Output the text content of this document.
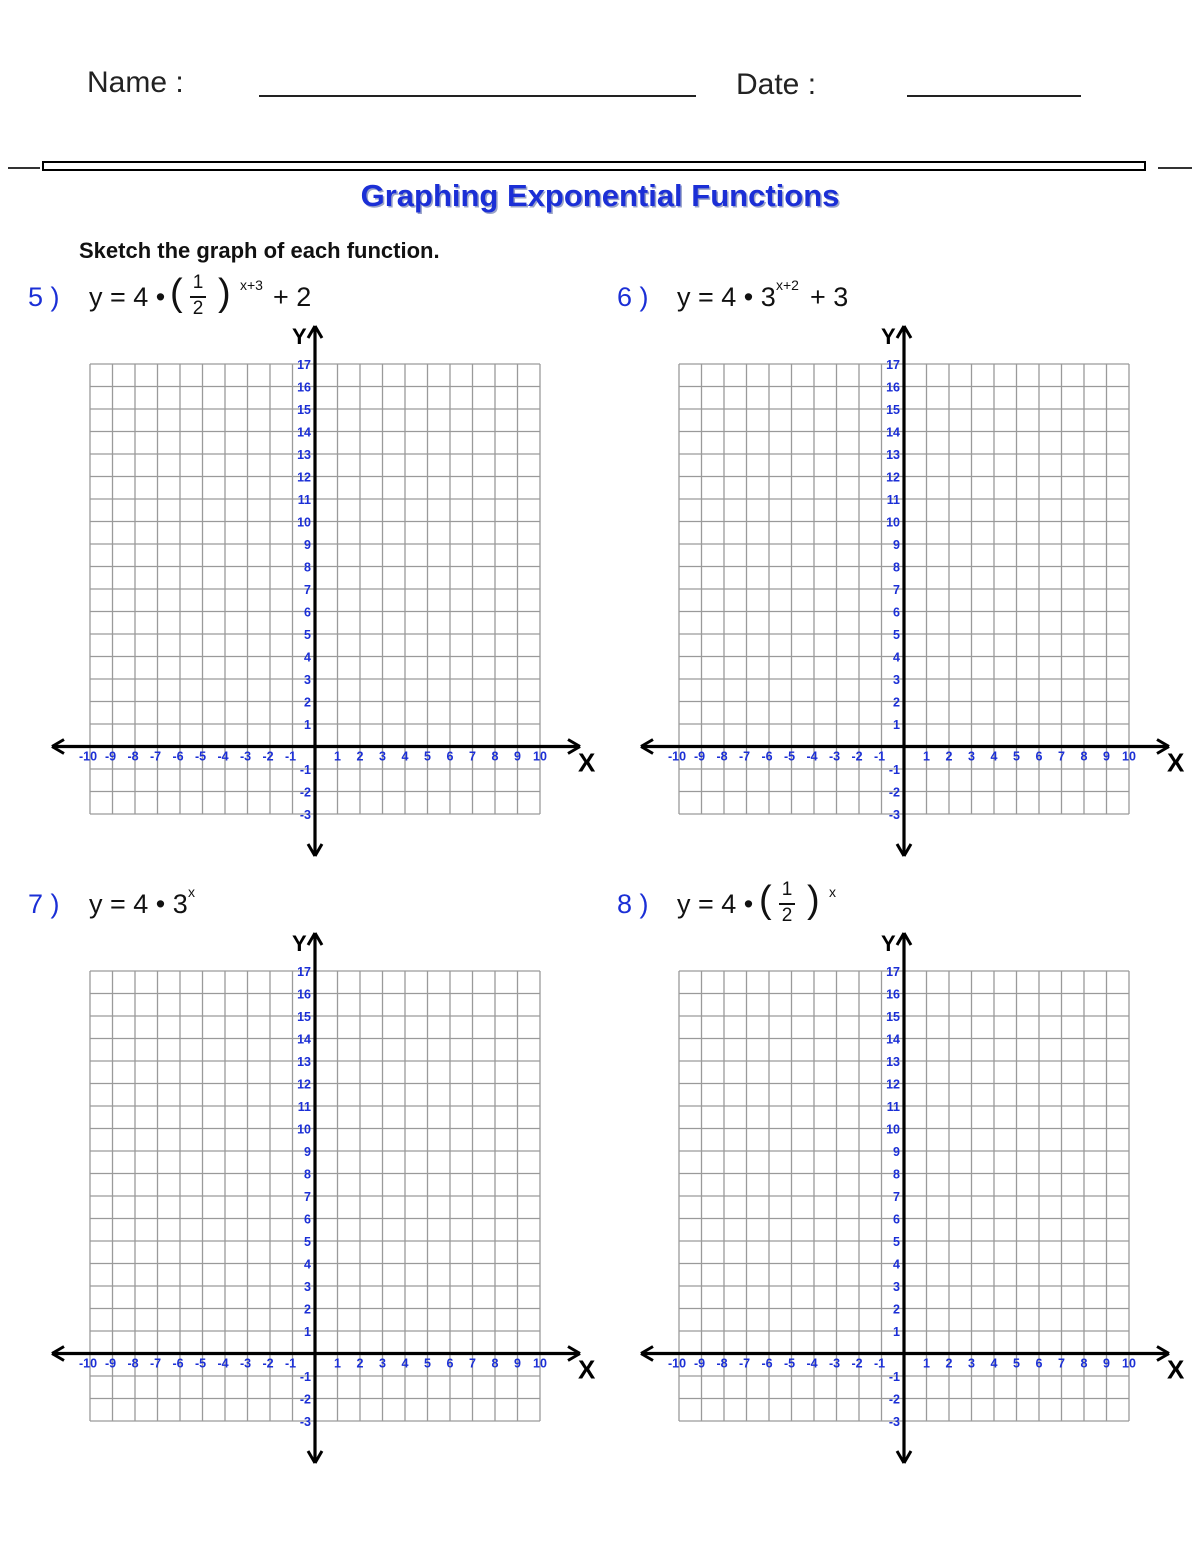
Name :	Date :
Graphing Exponential Functions
Sketch the graph of each function.
5 ) y = 4 • ( 1
2 ) x+3 + 2	6 ) y = 4 • 3 x+2 + 3
7 ) y = 4 • 3 x	8 ) y = 4 • ( 1
2 ) x
X
Y
-10 -9 -8 -7 -6 -5 -4 -3 -2 -1	1 2 3 4 5 6 7 8 9 10
17
16
15
14
13
12
11
10
9
8
7
6
5
4
3
2
1
-1
-2
-3
X
Y
-10 -9 -8 -7 -6 -5 -4 -3 -2 -1	1 2 3 4 5 6 7 8 9 10
17
16
15
14
13
12
11
10
9
8
7
6
5
4
3
2
1
-1
-2
-3
X
Y
-10 -9 -8 -7 -6 -5 -4 -3 -2 -1	1 2 3 4 5 6 7 8 9 10
17
16
15
14
13
12
11
10
9
8
7
6
5
4
3
2
1
-1
-2
-3
X
Y
-10 -9 -8 -7 -6 -5 -4 -3 -2 -1	1 2 3 4 5 6 7 8 9 10
17
16
15
14
13
12
11
10
9
8
7
6
5
4
3
2
1
-1
-2
-3
